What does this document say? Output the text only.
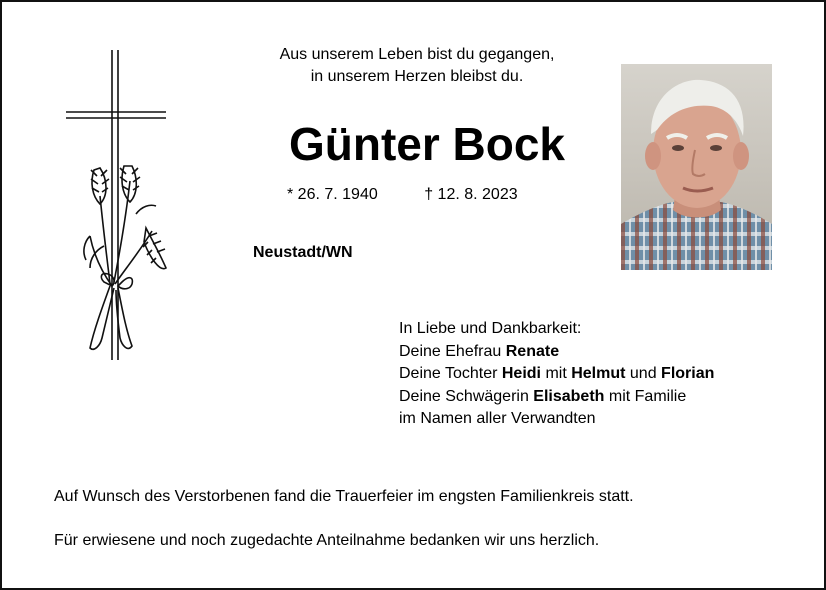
Aus unserem Leben bist du gegangen,
in unserem Herzen bleibst du.
Günter Bock
* 26. 7. 1940	† 12. 8. 2023
Neustadt/WN
In Liebe und Dankbarkeit:
Deine Ehefrau Renate
Deine Tochter Heidi mit Helmut und Florian
Deine Schwägerin Elisabeth mit Familie
im Namen aller Verwandten
Auf Wunsch des Verstorbenen fand die Trauerfeier im engsten Familienkreis statt.
Für erwiesene und noch zugedachte Anteilnahme bedanken wir uns herzlich.
